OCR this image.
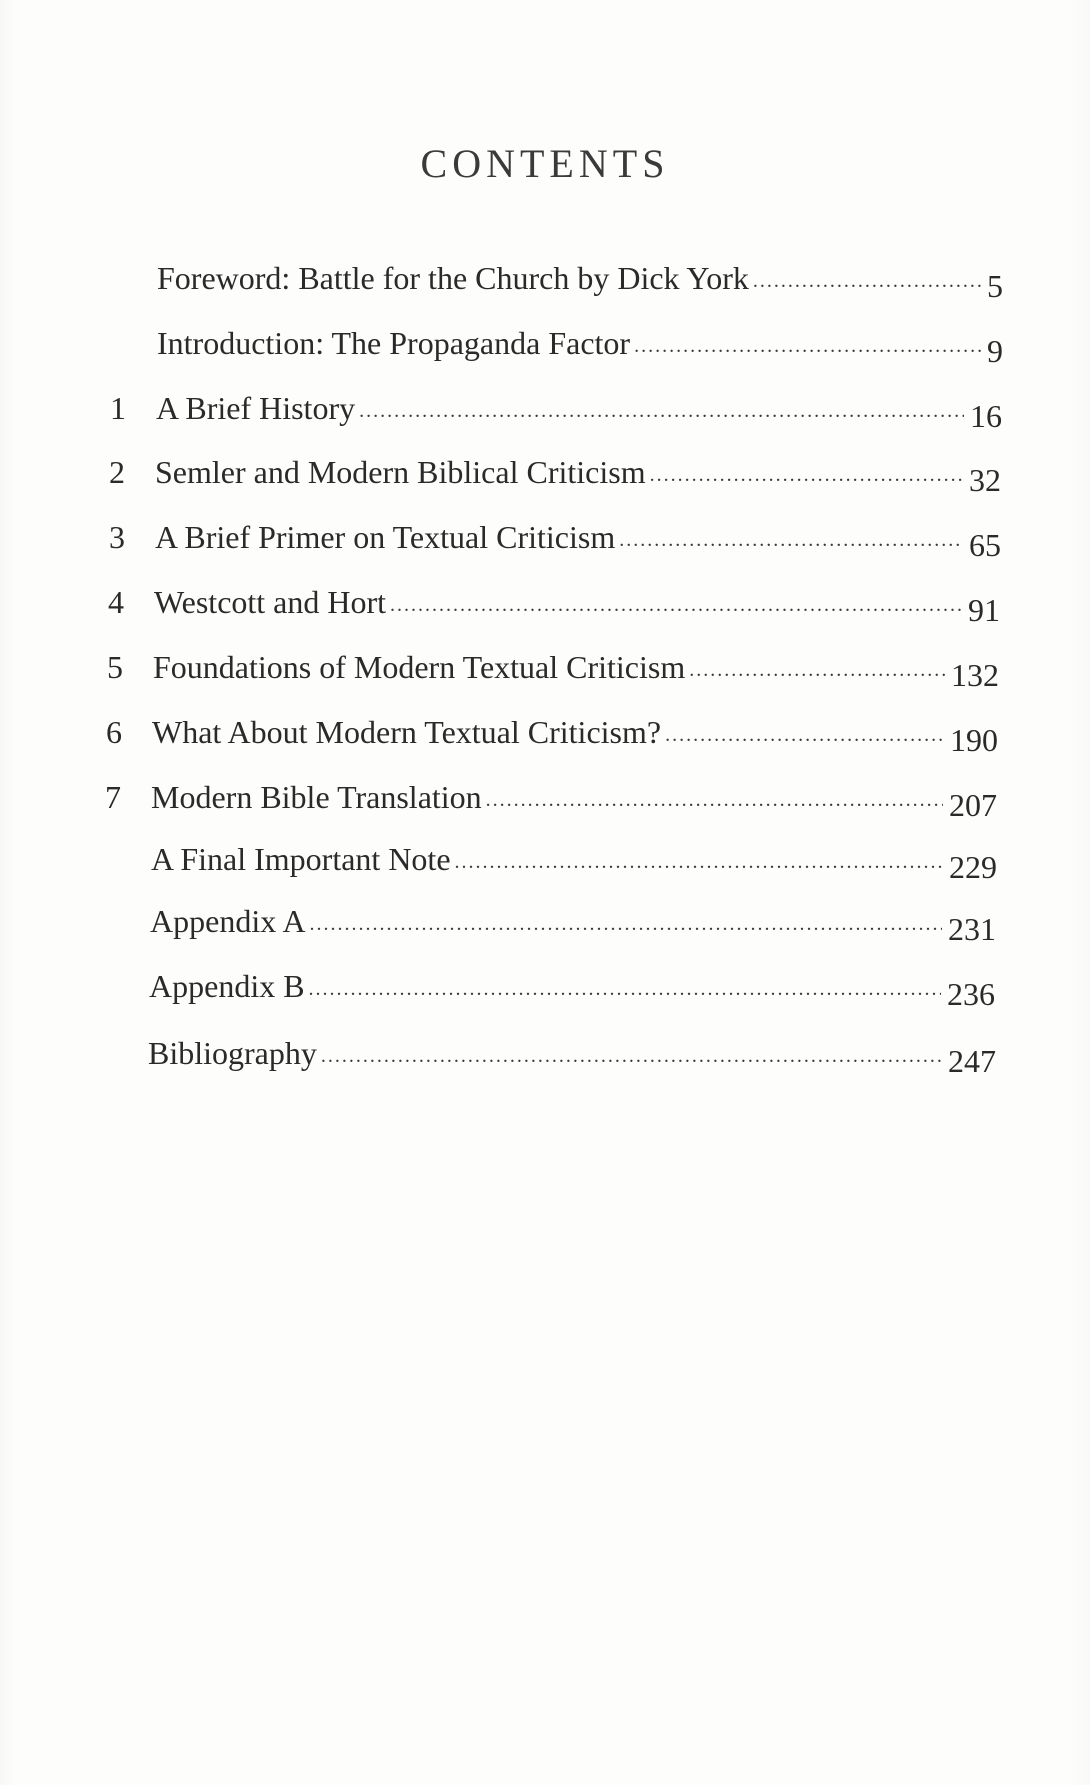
CONTENTS
Foreword: Battle for the Church by Dick York .....	5
Introduction: The Propaganda Factor .....	9
1 A Brief History .....	16
2 Semler and Modern Biblical Criticism .....	32
3 A Brief Primer on Textual Criticism .....	65
4 Westcott and Hort .....	91
5 Foundations of Modern Textual Criticism .....	132
6 What About Modern Textual Criticism? .....	190
7 Modern Bible Translation .....	207
A Final Important Note .....	229
Appendix A .....	231
Appendix B .....	236
Bibliography .....	247
